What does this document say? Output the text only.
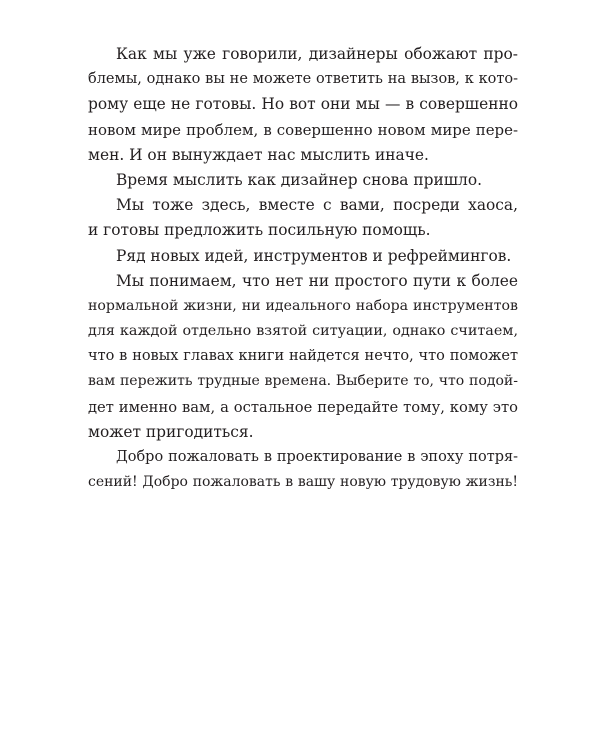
Как мы уже говорили, дизайнеры обожают про-
блемы, однако вы не можете ответить на вызов, к кото-
рому еще не готовы. Но вот они мы — в совершенно
новом мире проблем, в совершенно новом мире пере-
мен. И он вынуждает нас мыслить иначе.
Время мыслить как дизайнер снова пришло.
Мы тоже здесь, вместе с вами, посреди хаоса,
и готовы предложить посильную помощь.
Ряд новых идей, инструментов и рефреймингов.
Мы понимаем, что нет ни простого пути к более
нормальной жизни, ни идеального набора инструментов
для каждой отдельно взятой ситуации, однако считаем,
что в новых главах книги найдется нечто, что поможет
вам пережить трудные времена. Выберите то, что подой-
дет именно вам, а остальное передайте тому, кому это
может пригодиться.
Добро пожаловать в проектирование в эпоху потря-
сений! Добро пожаловать в вашу новую трудовую жизнь!
